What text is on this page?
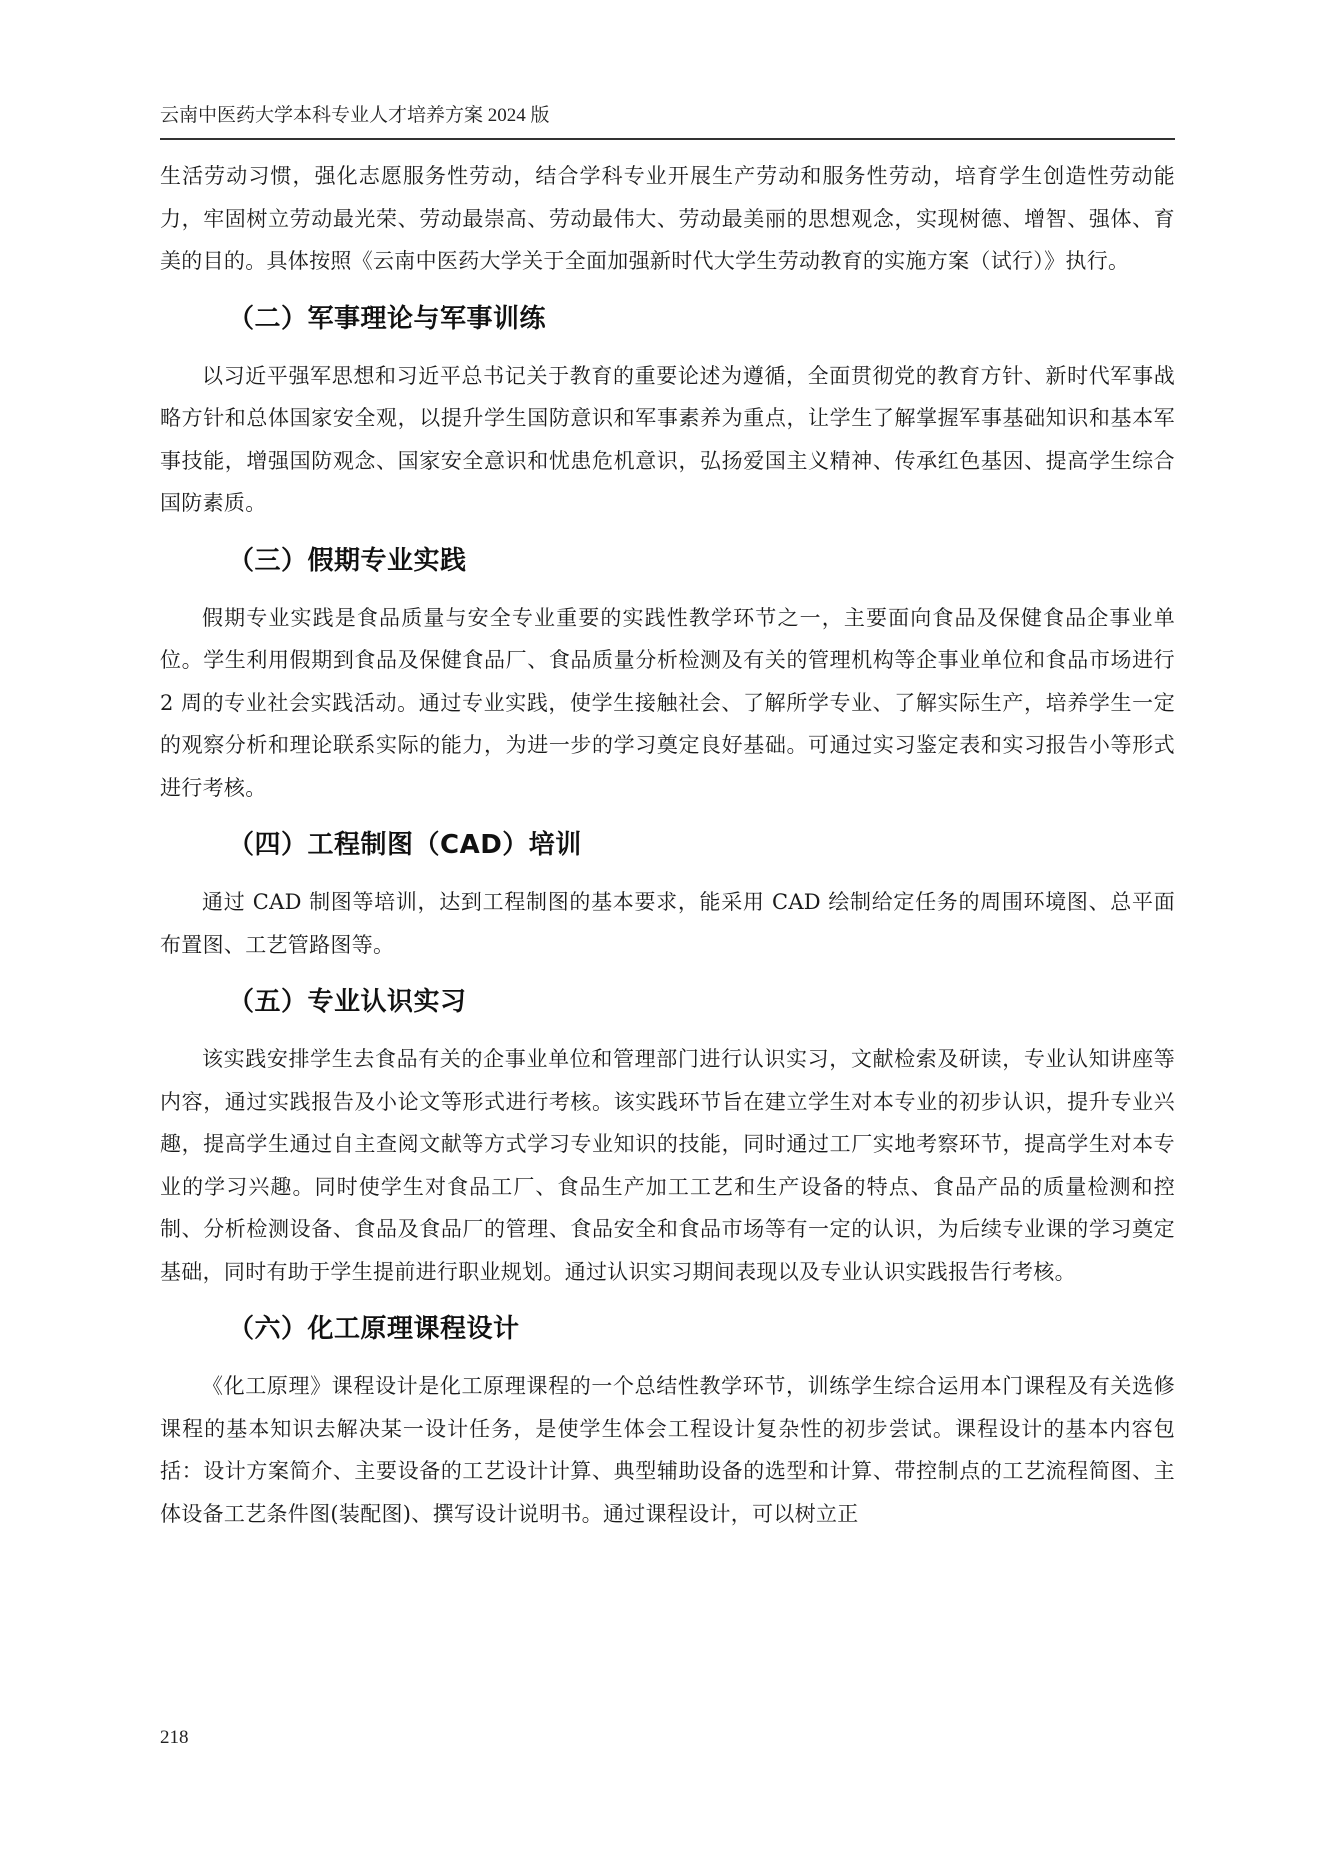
云南中医药大学本科专业人才培养方案 2024 版

生活劳动习惯，强化志愿服务性劳动，结合学科专业开展生产劳动和服务性劳动，培育学生创造性劳动能力，牢固树立劳动最光荣、劳动最崇高、劳动最伟大、劳动最美丽的思想观念，实现树德、增智、强体、育美的目的。具体按照《云南中医药大学关于全面加强新时代大学生劳动教育的实施方案（试行）》执行。

（二）军事理论与军事训练

以习近平强军思想和习近平总书记关于教育的重要论述为遵循，全面贯彻党的教育方针、新时代军事战略方针和总体国家安全观，以提升学生国防意识和军事素养为重点，让学生了解掌握军事基础知识和基本军事技能，增强国防观念、国家安全意识和忧患危机意识，弘扬爱国主义精神、传承红色基因、提高学生综合国防素质。

（三）假期专业实践

假期专业实践是食品质量与安全专业重要的实践性教学环节之一，主要面向食品及保健食品企事业单位。学生利用假期到食品及保健食品厂、食品质量分析检测及有关的管理机构等企事业单位和食品市场进行 2 周的专业社会实践活动。通过专业实践，使学生接触社会、了解所学专业、了解实际生产，培养学生一定的观察分析和理论联系实际的能力，为进一步的学习奠定良好基础。可通过实习鉴定表和实习报告小等形式进行考核。

（四）工程制图（CAD）培训

通过 CAD 制图等培训，达到工程制图的基本要求，能采用 CAD 绘制给定任务的周围环境图、总平面布置图、工艺管路图等。

（五）专业认识实习

该实践安排学生去食品有关的企事业单位和管理部门进行认识实习，文献检索及研读，专业认知讲座等内容，通过实践报告及小论文等形式进行考核。该实践环节旨在建立学生对本专业的初步认识，提升专业兴趣，提高学生通过自主查阅文献等方式学习专业知识的技能，同时通过工厂实地考察环节，提高学生对本专业的学习兴趣。同时使学生对食品工厂、食品生产加工工艺和生产设备的特点、食品产品的质量检测和控制、分析检测设备、食品及食品厂的管理、食品安全和食品市场等有一定的认识，为后续专业课的学习奠定基础，同时有助于学生提前进行职业规划。通过认识实习期间表现以及专业认识实践报告行考核。

（六）化工原理课程设计

《化工原理》课程设计是化工原理课程的一个总结性教学环节，训练学生综合运用本门课程及有关选修课程的基本知识去解决某一设计任务，是使学生体会工程设计复杂性的初步尝试。课程设计的基本内容包括：设计方案简介、主要设备的工艺设计计算、典型辅助设备的选型和计算、带控制点的工艺流程简图、主体设备工艺条件图(装配图)、撰写设计说明书。通过课程设计，可以树立正

218
